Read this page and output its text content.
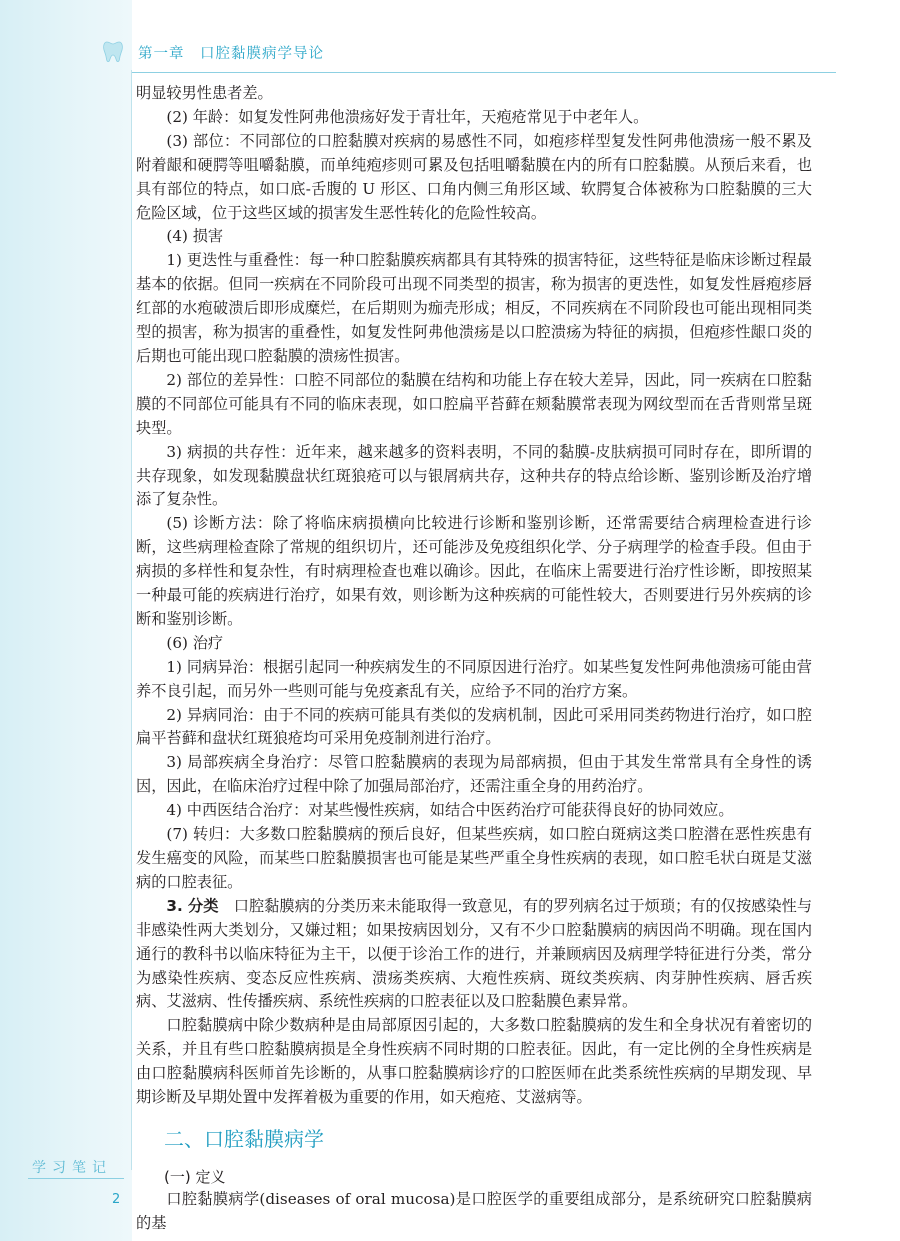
第一章　口腔黏膜病学导论
学习笔记
2

明显较男性患者差。

(2) 年龄：如复发性阿弗他溃疡好发于青壮年，天疱疮常见于中老年人。

(3) 部位：不同部位的口腔黏膜对疾病的易感性不同，如疱疹样型复发性阿弗他溃疡一般不累及附着龈和硬腭等咀嚼黏膜，而单纯疱疹则可累及包括咀嚼黏膜在内的所有口腔黏膜。从预后来看，也具有部位的特点，如口底-舌腹的 U 形区、口角内侧三角形区域、软腭复合体被称为口腔黏膜的三大危险区域，位于这些区域的损害发生恶性转化的危险性较高。

(4) 损害

1) 更迭性与重叠性：每一种口腔黏膜疾病都具有其特殊的损害特征，这些特征是临床诊断过程最基本的依据。但同一疾病在不同阶段可出现不同类型的损害，称为损害的更迭性，如复发性唇疱疹唇红部的水疱破溃后即形成糜烂，在后期则为痂壳形成；相反，不同疾病在不同阶段也可能出现相同类型的损害，称为损害的重叠性，如复发性阿弗他溃疡是以口腔溃疡为特征的病损，但疱疹性龈口炎的后期也可能出现口腔黏膜的溃疡性损害。

2) 部位的差异性：口腔不同部位的黏膜在结构和功能上存在较大差异，因此，同一疾病在口腔黏膜的不同部位可能具有不同的临床表现，如口腔扁平苔藓在颊黏膜常表现为网纹型而在舌背则常呈斑块型。

3) 病损的共存性：近年来，越来越多的资料表明，不同的黏膜-皮肤病损可同时存在，即所谓的共存现象，如发现黏膜盘状红斑狼疮可以与银屑病共存，这种共存的特点给诊断、鉴别诊断及治疗增添了复杂性。

(5) 诊断方法：除了将临床病损横向比较进行诊断和鉴别诊断，还常需要结合病理检查进行诊断，这些病理检查除了常规的组织切片，还可能涉及免疫组织化学、分子病理学的检查手段。但由于病损的多样性和复杂性，有时病理检查也难以确诊。因此，在临床上需要进行治疗性诊断，即按照某一种最可能的疾病进行治疗，如果有效，则诊断为这种疾病的可能性较大，否则要进行另外疾病的诊断和鉴别诊断。

(6) 治疗

1) 同病异治：根据引起同一种疾病发生的不同原因进行治疗。如某些复发性阿弗他溃疡可能由营养不良引起，而另外一些则可能与免疫紊乱有关，应给予不同的治疗方案。

2) 异病同治：由于不同的疾病可能具有类似的发病机制，因此可采用同类药物进行治疗，如口腔扁平苔藓和盘状红斑狼疮均可采用免疫制剂进行治疗。

3) 局部疾病全身治疗：尽管口腔黏膜病的表现为局部病损，但由于其发生常常具有全身性的诱因，因此，在临床治疗过程中除了加强局部治疗，还需注重全身的用药治疗。

4) 中西医结合治疗：对某些慢性疾病，如结合中医药治疗可能获得良好的协同效应。

(7) 转归：大多数口腔黏膜病的预后良好，但某些疾病，如口腔白斑病这类口腔潜在恶性疾患有发生癌变的风险，而某些口腔黏膜损害也可能是某些严重全身性疾病的表现，如口腔毛状白斑是艾滋病的口腔表征。

3. 分类　口腔黏膜病的分类历来未能取得一致意见，有的罗列病名过于烦琐；有的仅按感染性与非感染性两大类划分，又嫌过粗；如果按病因划分，又有不少口腔黏膜病的病因尚不明确。现在国内通行的教科书以临床特征为主干，以便于诊治工作的进行，并兼顾病因及病理学特征进行分类，常分为感染性疾病、变态反应性疾病、溃疡类疾病、大疱性疾病、斑纹类疾病、肉芽肿性疾病、唇舌疾病、艾滋病、性传播疾病、系统性疾病的口腔表征以及口腔黏膜色素异常。

口腔黏膜病中除少数病种是由局部原因引起的，大多数口腔黏膜病的发生和全身状况有着密切的关系，并且有些口腔黏膜病损是全身性疾病不同时期的口腔表征。因此，有一定比例的全身性疾病是由口腔黏膜病科医师首先诊断的，从事口腔黏膜病诊疗的口腔医师在此类系统性疾病的早期发现、早期诊断及早期处置中发挥着极为重要的作用，如天疱疮、艾滋病等。

二、口腔黏膜病学

(一) 定义

口腔黏膜病学(diseases of oral mucosa)是口腔医学的重要组成部分，是系统研究口腔黏膜病的基
